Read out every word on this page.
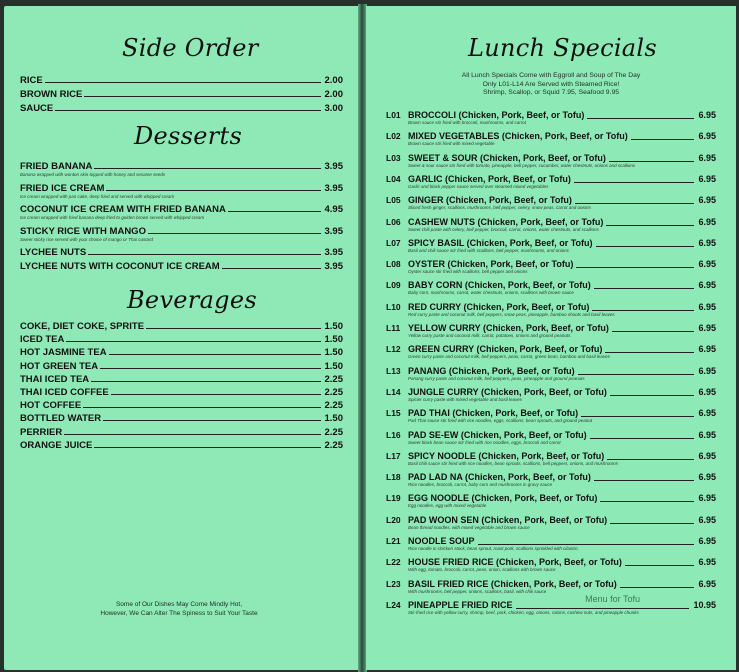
Side Order
RICE	2.00
BROWN RICE	2.00
SAUCE	3.00
Desserts
FRIED BANANA	3.95
Banana wrapped with wonton skin topped with honey and sesame seeds
FRIED ICE CREAM	3.95
Ice cream wrapped with pan cake, deep fried and served with whipped cream
COCONUT ICE CREAM WITH FRIED BANANA	4.95
Ice cream wrapped with fried banana deep fried to golden brown served with whipped cream
STICKY RICE WITH MANGO	3.95
Sweet sticky rice served with your choice of mango or Thai custard
LYCHEE NUTS	3.95
LYCHEE NUTS WITH COCONUT ICE CREAM	3.95
Beverages
COKE, DIET COKE, SPRITE	1.50
ICED TEA	1.50
HOT JASMINE TEA	1.50
HOT GREEN TEA	1.50
THAI ICED TEA	2.25
THAI ICED COFFEE	2.25
HOT COFFEE	2.25
BOTTLED WATER	1.50
PERRIER	2.25
ORANGE JUICE	2.25
Some of Our Dishes May Come Mindly Hot,
However, We Can Alter The Spiness to Suit Your Taste
Lunch Specials
All Lunch Specials Come with Eggroll and Soup of The Day
Only L01-L14 Are Served with Steamed Rice!
Shrimp, Scallop, or Squid 7.95, Seafood 9.95
L01 BROCCOLI (Chicken, Pork, Beef, or Tofu)	6.95
Brown sauce stir fried with broccoli, mushrooms, and carrot
L02 MIXED VEGETABLES (Chicken, Pork, Beef, or Tofu)	6.95
Brown sauce stir fried with mixed vegetable
L03 SWEET & SOUR (Chicken, Pork, Beef, or Tofu)	6.95
Sweet & sour sauce stir fried with tomato, pineapple, bell pepper, cucumber, water chestnuts, onions and scallions
L04 GARLIC (Chicken, Pork, Beef, or Tofu)	6.95
Garlic and black pepper sauce served over steamed mixed vegetables
L05 GINGER (Chicken, Pork, Beef, or Tofu)	6.95
Sliced fresh ginger, scallions, mushrooms, bell pepper, celery, snow peas, carrot and onions
L06 CASHEW NUTS (Chicken, Pork, Beef, or Tofu)	6.95
Sweet chili paste with celery, bell pepper, broccoli, carrot, onions, water chestnuts, and scallions
L07 SPICY BASIL (Chicken, Pork, Beef, or Tofu)	6.95
Basil and chili sauce stir fried with scallions, bell pepper, mushrooms, and onions
L08 OYSTER (Chicken, Pork, Beef, or Tofu)	6.95
Oyster sauce stir fried with scallions, bell pepper and onions
L09 BABY CORN (Chicken, Pork, Beef, or Tofu)	6.95
Baby corn, mushrooms, carrot, water chestnuts, onions, scallions with brown sauce
L10 RED CURRY (Chicken, Pork, Beef, or Tofu)	6.95
Red curry paste and coconut milk, bell peppers, snow peas, pineapple, bamboo shoots and basil leaves
L11 YELLOW CURRY (Chicken, Pork, Beef, or Tofu)	6.95
Yellow curry paste and coconut milk, carrot, potatoes, onions and ground peanuts
L12 GREEN CURRY (Chicken, Pork, Beef, or Tofu)	6.95
Green curry paste and coconut milk, bell peppers, peas, carrot, green bean, bamboo and basil leaves
L13 PANANG (Chicken, Pork, Beef, or Tofu)	6.95
Panang curry paste and coconut milk, bell peppers, peas, pineapple and ground peanuts
L14 JUNGLE CURRY (Chicken, Pork, Beef, or Tofu)	6.95
Spicier curry paste with mixed vegetable and basil leaves
L15 PAD THAI (Chicken, Pork, Beef, or Tofu)	6.95
Pad Thai sauce stir fried with rice noodles, eggs, scallions, bean sprouts, and ground peanut
L16 PAD SE-EW (Chicken, Pork, Beef, or Tofu)	6.95
Sweet black bean sauce stir fried with rice noodles, eggs, broccoli and carrot
L17 SPICY NOODLE (Chicken, Pork, Beef, or Tofu)	6.95
Basil chili sauce stir fried with rice noodles, bean sprouts, scallions, bell peppers, onions, and mushrooms
L18 PAD LAD NA (Chicken, Pork, Beef, or Tofu)	6.95
Rice noodles, broccoli, carrot, baby corn and mushrooms in gravy sauce
L19 EGG NOODLE (Chicken, Pork, Beef, or Tofu)	6.95
Egg noodles, egg with mixed vegetable
L20 PAD WOON SEN (Chicken, Pork, Beef, or Tofu)	6.95
Bean thread noodles, with mixed vegetable and brown sauce
L21 NOODLE SOUP	6.95
Rice noodle in chicken stock, bean sprout, roast pork, scallions sprinkled with cilantro
L22 HOUSE FRIED RICE (Chicken, Pork, Beef, or Tofu)	6.95
With egg, tomato, broccoli, carrot, peas, onion, scallions with brown sauce
L23 BASIL FRIED RICE (Chicken, Pork, Beef, or Tofu)	6.95
With mushrooms, bell pepper, onions, scallions, basil, with chili sauce
L24 PINEAPPLE FRIED RICE	10.95
Stir-fried rice with yellow curry, shrimp, beef, pork, chicken, egg, onions, raisins, cashew nuts, and pineapple chunks
Menu for Tofu
